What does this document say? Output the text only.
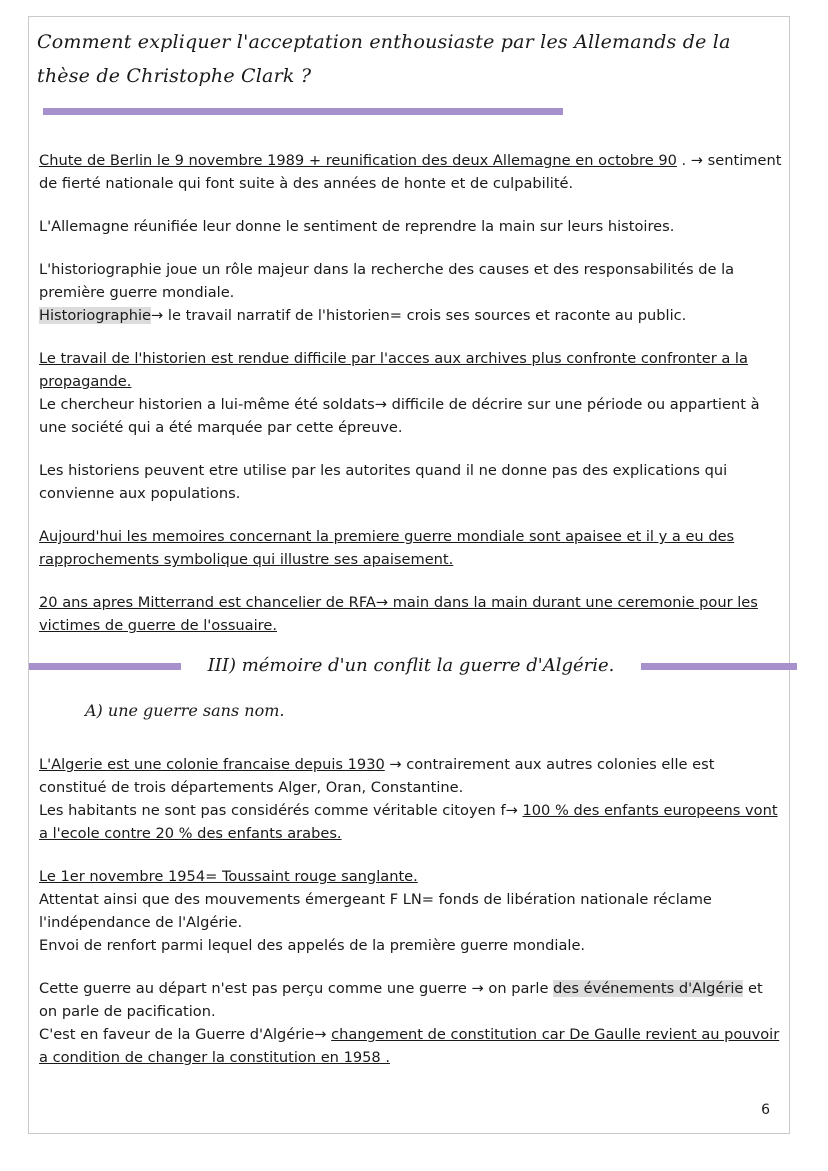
Comment expliquer l'acceptation enthousiaste par les Allemands de la thèse de Christophe Clark ?

Chute de Berlin le 9 novembre 1989 + reunification des deux Allemagne en octobre 90 . → sentiment de fierté nationale qui font suite à des années de honte et de culpabilité.

L'Allemagne réunifiée leur donne le sentiment de reprendre la main sur leurs histoires.

L'historiographie joue un rôle majeur dans la recherche des causes et des responsabilités de la première guerre mondiale.
Historiographie→ le travail narratif de l'historien= crois ses sources et raconte au public.

Le travail de l'historien est rendue difficile par l'acces aux archives plus confronte confronter a la propagande.
Le chercheur historien a lui-même été soldats→ difficile de décrire sur une période ou appartient à une société qui a été marquée par cette épreuve.

Les historiens peuvent etre utilise par les autorites quand il ne donne pas des explications qui convienne aux populations.

Aujourd'hui les memoires concernant la premiere guerre mondiale sont apaisee et il y a eu des rapprochements symbolique qui illustre ses apaisement.

20 ans apres Mitterrand est chancelier de RFA→ main dans la main durant une ceremonie pour les victimes de guerre de l'ossuaire.

III) mémoire d'un conflit la guerre d'Algérie.
A) une guerre sans nom.

L'Algerie est une colonie francaise depuis 1930 → contrairement aux autres colonies elle est constitué de trois départements Alger, Oran, Constantine.
Les habitants ne sont pas considérés comme véritable citoyen f→ 100 % des enfants europeens vont a l'ecole contre 20 % des enfants arabes.

Le 1er novembre 1954= Toussaint rouge sanglante.
Attentat ainsi que des mouvements émergeant F LN= fonds de libération nationale réclame l'indépendance de l'Algérie.
Envoi de renfort parmi lequel des appelés de la première guerre mondiale.

Cette guerre au départ n'est pas perçu comme une guerre → on parle des événements d'Algérie et on parle de pacification.
C'est en faveur de la Guerre d'Algérie→ changement de constitution car De Gaulle revient au pouvoir a condition de changer la constitution en 1958 .

6
